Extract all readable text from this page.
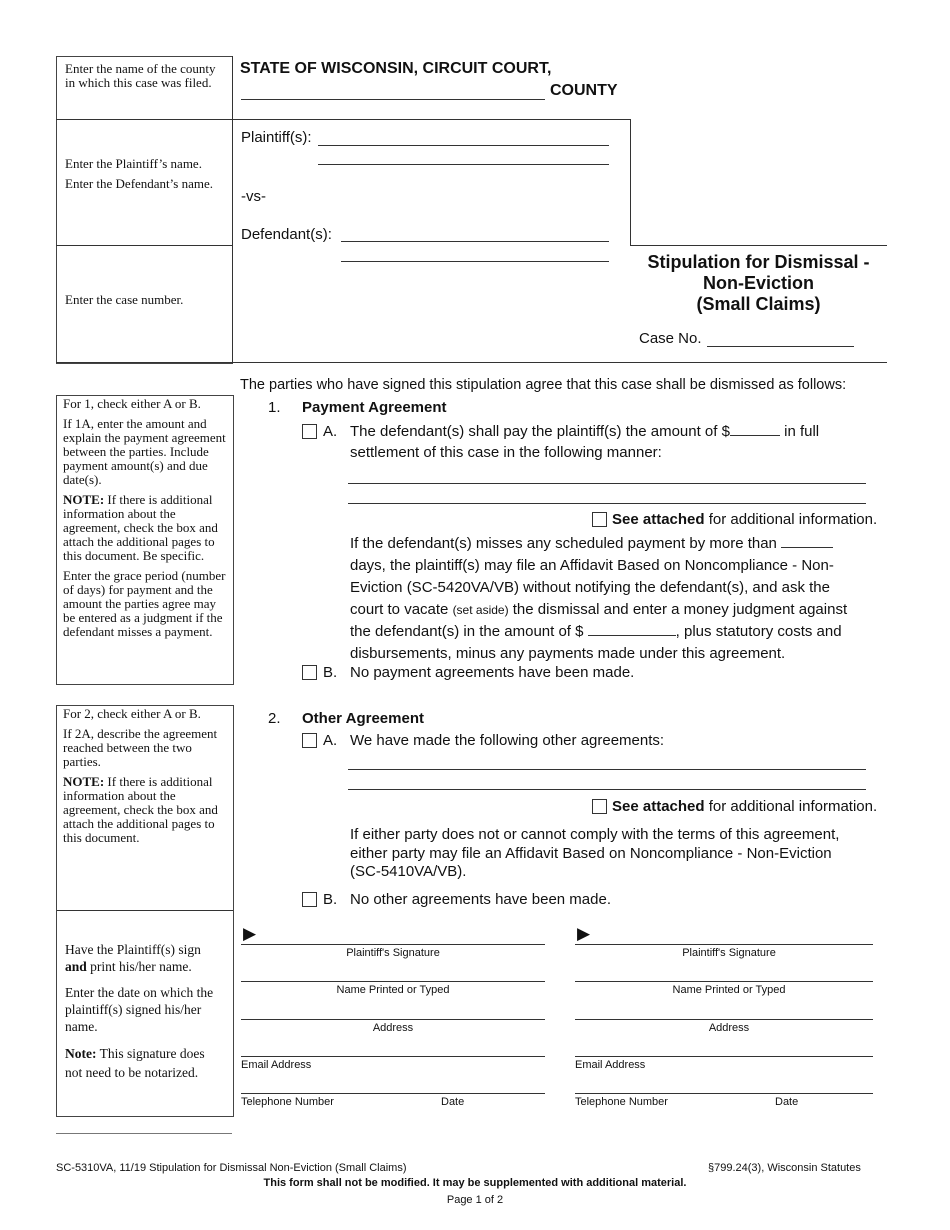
Enter the name of the county in which this case was filed.

Enter the Plaintiff’s name.

Enter the Defendant’s name.

Enter the case number.
STATE OF WISCONSIN, CIRCUIT COURT,
COUNTY
Plaintiff(s):
-vs-
Defendant(s):
Stipulation for Dismissal -
Non-Eviction
(Small Claims)
Case No.
The parties who have signed this stipulation agree that this case shall be dismissed as follows:

For 1, check either A or B.

If 1A, enter the amount and explain the payment agreement between the parties. Include payment amount(s) and due date(s).

NOTE: If there is additional information about the agreement, check the box and attach the additional pages to this document. Be specific.

Enter the grace period (number of days) for payment and the amount the parties agree may be entered as a judgment if the defendant misses a payment.

1. Payment Agreement
A. The defendant(s) shall pay the plaintiff(s) the amount of $	in full
settlement of this case in the following manner:
See attached for additional information.
If the defendant(s) misses any scheduled payment by more than
days, the plaintiff(s) may file an Affidavit Based on Noncompliance - Non-
Eviction (SC-5420VA/VB) without notifying the defendant(s), and ask the
court to vacate (set aside) the dismissal and enter a money judgment against
the defendant(s) in the amount of $	, plus statutory costs and
disbursements, minus any payments made under this agreement.
B. No payment agreements have been made.

For 2, check either A or B.

If 2A, describe the agreement reached between the two parties.

NOTE: If there is additional information about the agreement, check the box and attach the additional pages to this document.

Have the Plaintiff(s) sign and print his/her name.

Enter the date on which the plaintiff(s) signed his/her name.

Note: This signature does not need to be notarized.

2. Other Agreement
A. We have made the following other agreements:
See attached for additional information.
If either party does not or cannot comply with the terms of this agreement,
either party may file an Affidavit Based on Noncompliance - Non-Eviction
(SC-5410VA/VB).
B. No other agreements have been made.
▶	▶
Plaintiff's Signature
Name Printed or Typed
Address
Email Address
Telephone Number	Date
Plaintiff's Signature
Name Printed or Typed
Address
Email Address
Telephone Number	Date
SC-5310VA, 11/19 Stipulation for Dismissal Non-Eviction (Small Claims)	§799.24(3), Wisconsin Statutes
This form shall not be modified. It may be supplemented with additional material.
Page 1 of 2
